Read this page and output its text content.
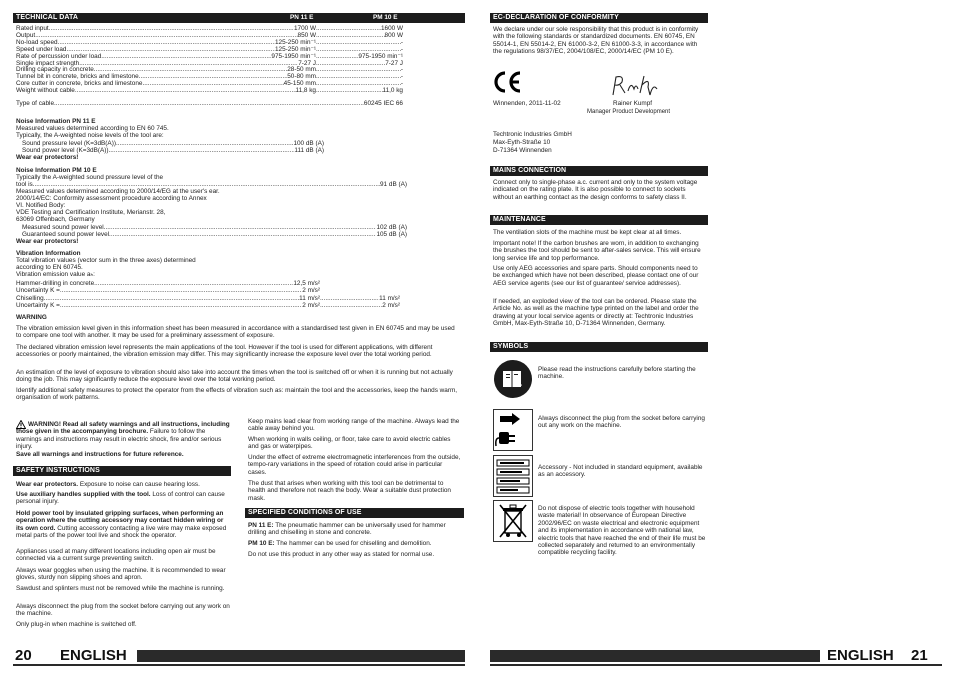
TECHNICAL DATA	PN 11 E	PM 10 E
Rated input .....	1700 W .....	1600 W
Output .....	850 W .....	800 W
No-load speed .....	125-250 min⁻¹ .....	-
Speed under load .....	125-250 min⁻¹ .....	-
Rate of percussion under load .....	975-1950 min⁻¹ .....	975-1950 min⁻¹
Single impact strength .....	7-27 J .....	7-27 J
Drilling capacity in concrete .....	28-50 mm .....	-
Tunnel bit in concrete, bricks and limestone .....	50-80 mm .....	-
Core cutter in concrete, bricks and limestone .....	45-150 mm .....	-
Weight without cable .....	11,8 kg .....	11,0 kg
Type of cable ..... .....	60245 IEC 66
Noise Information PN 11 E
Measured values determined according to EN 60 745.
Typically, the A-weighted noise levels of the tool are:
Sound pressure level (K=3dB(A)) .....	100 dB (A)
Sound power level (K=3dB(A)) .....	111 dB (A)
Wear ear protectors!
Noise Information PM 10 E
Typically the A-weighted sound pressure level of the
tool is .....	91 dB (A)
Measured values determined according to 2000/14/EG at the user's ear.
2000/14/EC: Conformity assessment procedure according to Annex
VI. Notified Body:
VDE Testing and Certification Institute, Merianstr. 28,
63069 Offenbach, Germany
Measured sound power level .....	102 dB (A)
Guaranteed sound power level .....	105 dB (A)
Wear ear protectors!
Vibration Information
Total vibration values (vector sum in the three axes) determined
according to EN 60745.
Vibration emission value aₕ:
Hammer-drilling in concrete .....	12,5 m/s²
Uncertainty K = .....	2 m/s²
Chiselling .....	11 m/s² .....	11 m/s²
Uncertainty K = .....	2 m/s² .....	2 m/s²
WARNING
The vibration emission level given in this information sheet has been measured in accordance with a standardised test given in EN 60745 and may be used to compare one tool with another. It may be used for a preliminary assessment of exposure.
The declared vibration emission level represents the main applications of the tool. However if the tool is used for different applications, with different accessories or poorly maintained, the vibration emission may differ. This may significantly increase the exposure level over the total working period.
An estimation of the level of exposure to vibration should also take into account the times when the tool is switched off or when it is running but not actually doing the job. This may significantly reduce the exposure level over the total working period.
Identify additional safety measures to protect the operator from the effects of vibration such as: maintain the tool and the accessories, keep the hands warm, organisation of work patterns.
WARNING! Read all safety warnings and all instructions, including those given in the accompanying brochure. Failure to follow the warnings and instructions may result in electric shock, fire and/or serious injury.
Save all warnings and instructions for future reference.
SAFETY INSTRUCTIONS
Wear ear protectors. Exposure to noise can cause hearing loss.
Use auxiliary handles supplied with the tool. Loss of control can cause personal injury.
Hold power tool by insulated gripping surfaces, when performing an operation where the cutting accessory may contact hidden wiring or its own cord. Cutting accessory contacting a live wire may make exposed metal parts of the power tool live and shock the operator.
Appliances used at many different locations including open air must be connected via a current surge preventing switch.
Always wear goggles when using the machine. It is recommended to wear gloves, sturdy non slipping shoes and apron.
Sawdust and splinters must not be removed while the machine is running.
Always disconnect the plug from the socket before carrying out any work on the machine.
Only plug-in when machine is switched off.
Keep mains lead clear from working range of the machine. Always lead the cable away behind you.
When working in walls ceiling, or floor, take care to avoid electric cables and gas or waterpipes.
Under the effect of extreme electromagnetic interferences from the outside, tempo-rary variations in the speed of rotation could arise in particular cases.
The dust that arises when working with this tool can be detrimental to health and therefore not reach the body. Wear a suitable dust protection mask.
SPECIFIED CONDITIONS OF USE
PN 11 E: The pneumatic hammer can be universally used for hammer drilling and chiselling in stone and concrete.
PM 10 E: The hammer can be used for chiselling and demolition.
Do not use this product in any other way as stated for normal use.
20 ENGLISH
EC-DECLARATION OF CONFORMITY
We declare under our sole responsibility that this product is in conformity with the following standards or standardized documents. EN 60745, EN 55014-1, EN 55014-2, EN 61000-3-2, EN 61000-3-3, in accordance with the regulations 98/37/EC, 2004/108/EC, 2000/14/EC (PM 10 E).
Winnenden, 2011-11-02	Rainer Kumpf
Manager Product Development
Techtronic Industries GmbH
Max-Eyth-Straße 10
D-71364 Winnenden
MAINS CONNECTION
Connect only to single-phase a.c. current and only to the system voltage indicated on the rating plate. It is also possible to connect to sockets without an earthing contact as the design conforms to safety class II.
MAINTENANCE
The ventilation slots of the machine must be kept clear at all times.
Important note! If the carbon brushes are worn, in addition to exchanging the brushes the tool should be sent to after-sales service. This will ensure long service life and top performance.
Use only AEG accessories and spare parts. Should components need to be exchanged which have not been described, please contact one of our AEG service agents (see our list of guarantee/ service addresses).
If needed, an exploded view of the tool can be ordered. Please state the Article No. as well as the machine type printed on the label and order the drawing at your local service agents or directly at: Techtronic Industries GmbH, Max-Eyth-Straße 10, D-71364 Winnenden, Germany.
SYMBOLS
Please read the instructions carefully before starting the machine.
Always disconnect the plug from the socket before carrying out any work on the machine.
Accessory - Not included in standard equipment, available as an accessory.
Do not dispose of electric tools together with household waste material! In observance of European Directive 2002/96/EC on waste electrical and electronic equipment and its implementation in accordance with national law, electric tools that have reached the end of their life must be collected separately and returned to an environmentally compatible recycling facility.
ENGLISH 21
